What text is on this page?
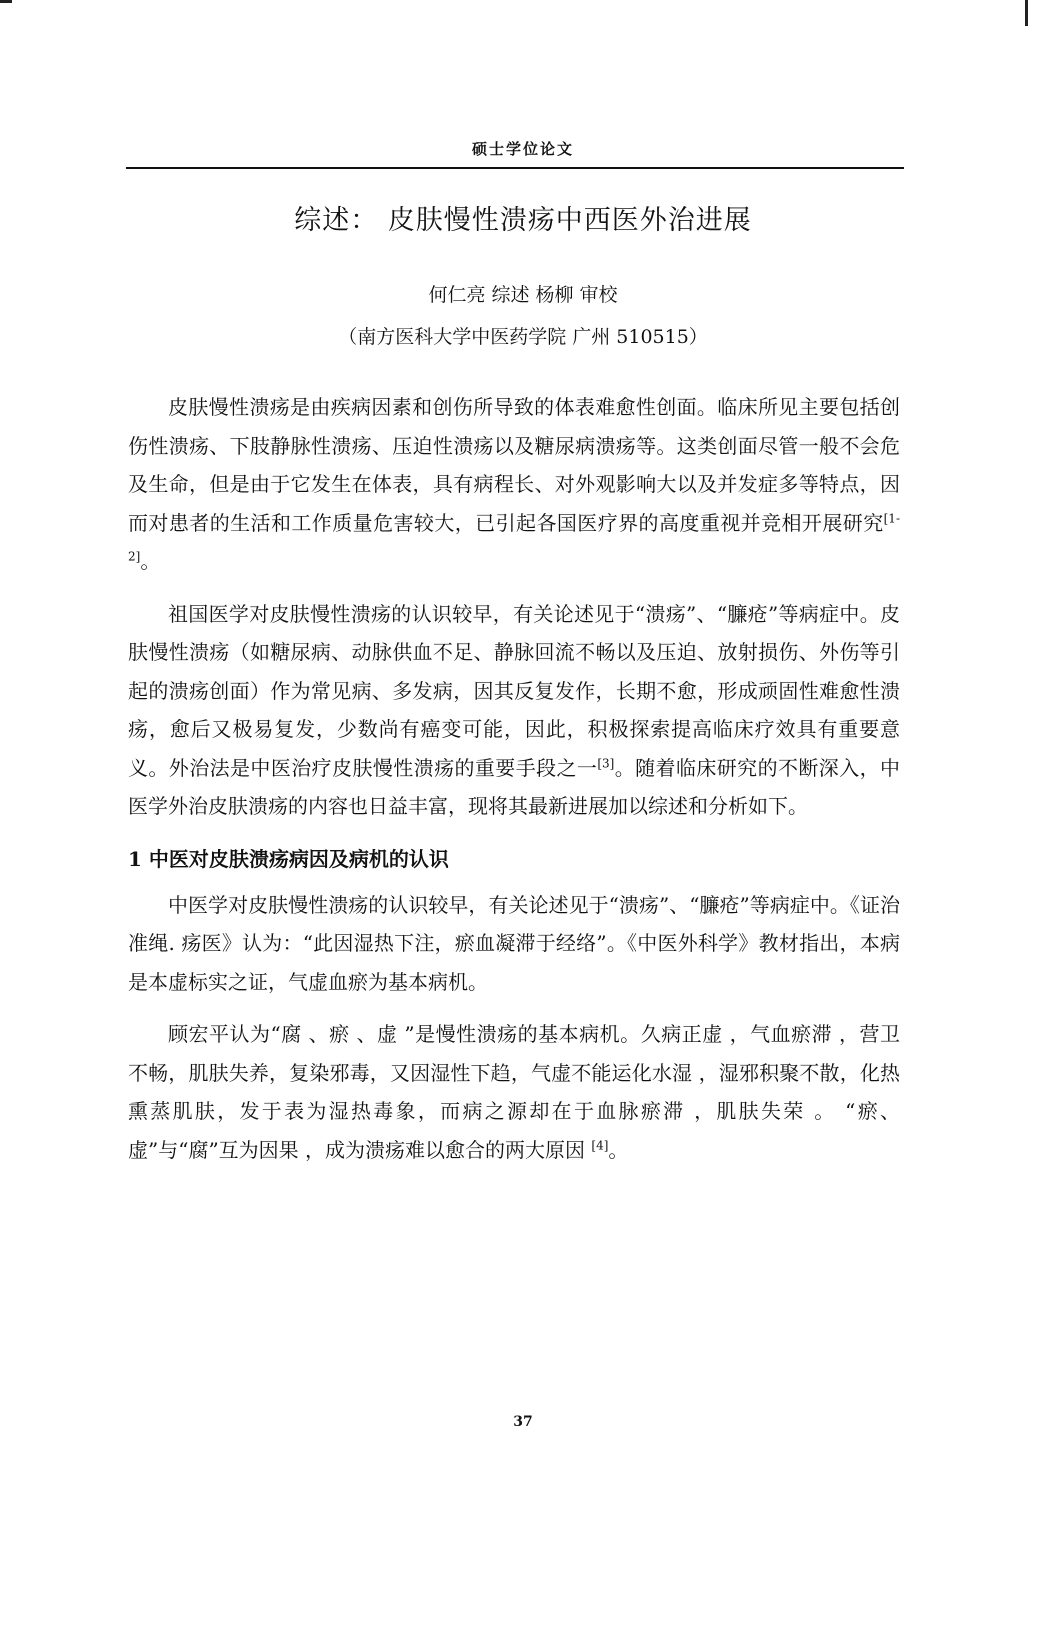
硕士学位论文
综述： 皮肤慢性溃疡中西医外治进展
何仁亮 综述 杨柳 审校
（南方医科大学中医药学院 广州 510515）

皮肤慢性溃疡是由疾病因素和创伤所导致的体表难愈性创面。临床所见主要包括创伤性溃疡、下肢静脉性溃疡、压迫性溃疡以及糖尿病溃疡等。这类创面尽管一般不会危及生命，但是由于它发生在体表，具有病程长、对外观影响大以及并发症多等特点，因而对患者的生活和工作质量危害较大，已引起各国医疗界的高度重视并竞相开展研究[1-2]。

祖国医学对皮肤慢性溃疡的认识较早，有关论述见于“溃疡”、“臁疮”等病症中。皮肤慢性溃疡（如糖尿病、动脉供血不足、静脉回流不畅以及压迫、放射损伤、外伤等引起的溃疡创面）作为常见病、多发病，因其反复发作，长期不愈，形成顽固性难愈性溃疡，愈后又极易复发，少数尚有癌变可能，因此，积极探索提高临床疗效具有重要意义。外治法是中医治疗皮肤慢性溃疡的重要手段之一[3]。随着临床研究的不断深入，中医学外治皮肤溃疡的内容也日益丰富，现将其最新进展加以综述和分析如下。

1 中医对皮肤溃疡病因及病机的认识

中医学对皮肤慢性溃疡的认识较早，有关论述见于“溃疡”、“臁疮”等病症中。《证治准绳. 疡医》认为：“此因湿热下注，瘀血凝滞于经络”。《中医外科学》教材指出，本病是本虚标实之证，气虚血瘀为基本病机。

顾宏平认为“腐 、瘀 、虚 ”是慢性溃疡的基本病机。久病正虚 ，气血瘀滞 ，营卫不畅，肌肤失养，复染邪毒，又因湿性下趋，气虚不能运化水湿 ，湿邪积聚不散，化热熏蒸肌肤，发于表为湿热毒象，而病之源却在于血脉瘀滞 ，肌肤失荣 。 “瘀、 虚”与“腐”互为因果 ，成为溃疡难以愈合的两大原因 [4]。

37
